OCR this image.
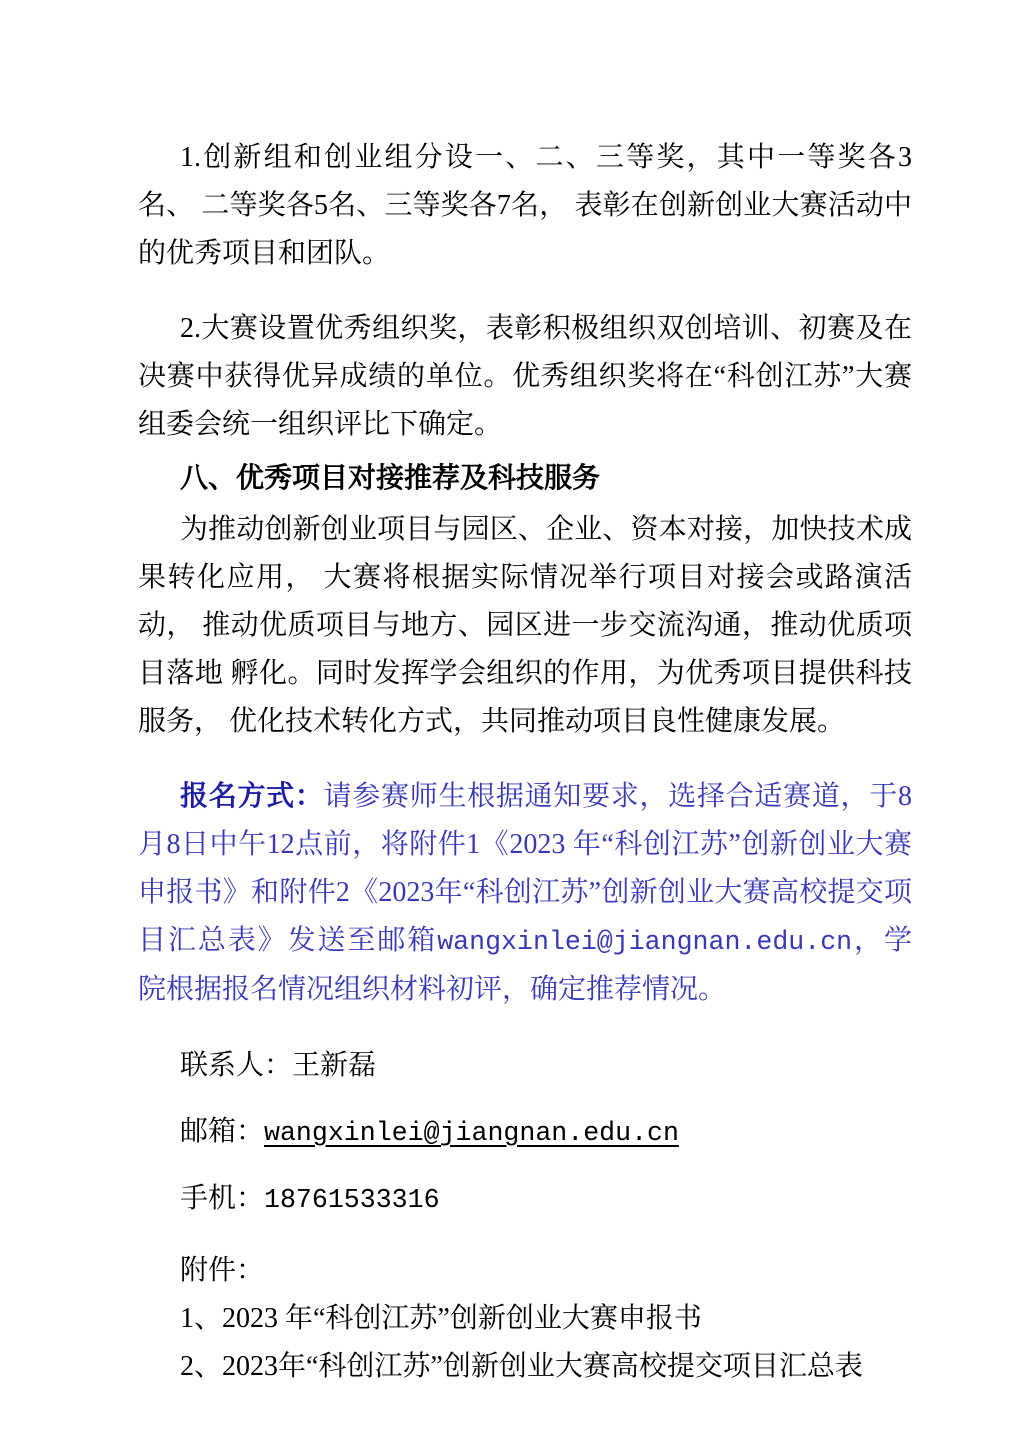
1.创新组和创业组分设一、二、三等奖，其中一等奖各3名、 二等奖各5名、三等奖各7名， 表彰在创新创业大赛活动中的优秀项目和团队。

2.大赛设置优秀组织奖，表彰积极组织双创培训、初赛及在决赛中获得优异成绩的单位。优秀组织奖将在“科创江苏”大赛组委会统一组织评比下确定。

八、优秀项目对接推荐及科技服务

为推动创新创业项目与园区、企业、资本对接，加快技术成 果转化应用， 大赛将根据实际情况举行项目对接会或路演活动， 推动优质项目与地方、园区进一步交流沟通，推动优质项目落地 孵化。同时发挥学会组织的作用，为优秀项目提供科技服务， 优化技术转化方式，共同推动项目良性健康发展。

报名方式：请参赛师生根据通知要求，选择合适赛道，于8月8日中午12点前，将附件1《2023 年“科创江苏”创新创业大赛申报书》和附件2《2023年“科创江苏”创新创业大赛高校提交项目汇总表》发送至邮箱wangxinlei@jiangnan.edu.cn，学院根据报名情况组织材料初评，确定推荐情况。

联系人：王新磊

邮箱：wangxinlei@jiangnan.edu.cn

手机：18761533316

附件：

1、2023 年“科创江苏”创新创业大赛申报书

2、2023年“科创江苏”创新创业大赛高校提交项目汇总表
